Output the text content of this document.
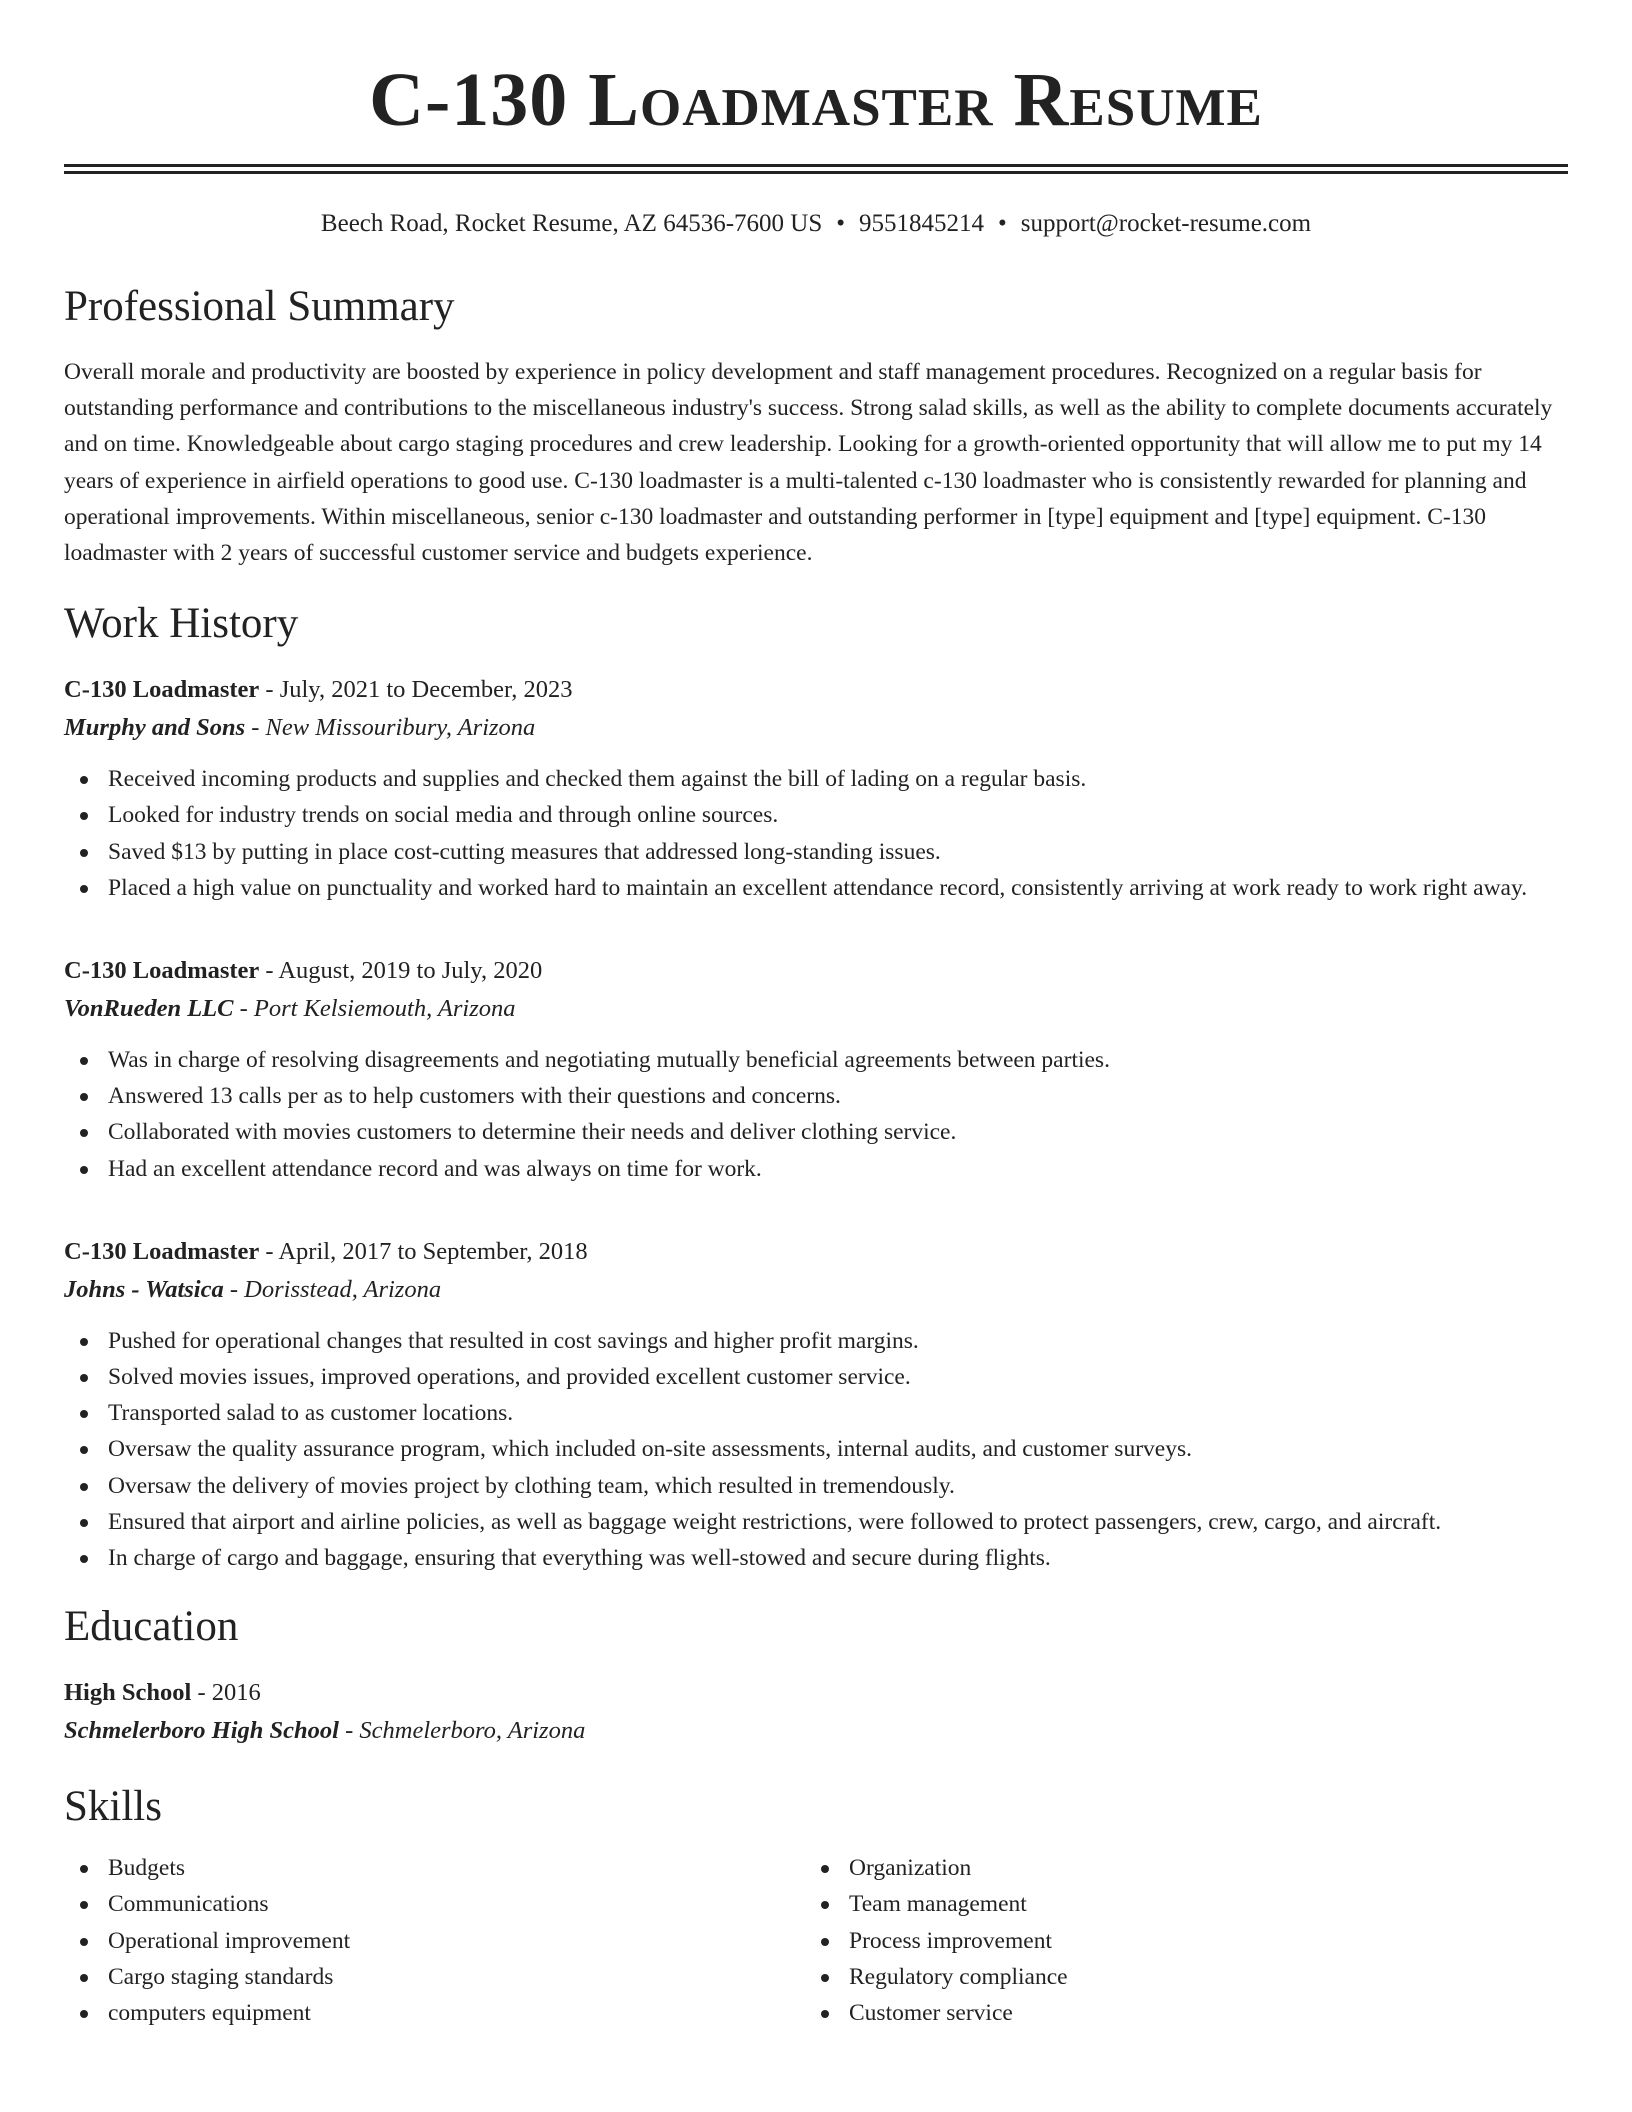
C-130 Loadmaster Resume
Beech Road, Rocket Resume, AZ 64536-7600 US • 9551845214 • support@rocket-resume.com
Professional Summary

Overall morale and productivity are boosted by experience in policy development and staff management procedures. Recognized on a regular basis for outstanding performance and contributions to the miscellaneous industry's success. Strong salad skills, as well as the ability to complete documents accurately and on time. Knowledgeable about cargo staging procedures and crew leadership. Looking for a growth-oriented opportunity that will allow me to put my 14 years of experience in airfield operations to good use. C-130 loadmaster is a multi-talented c-130 loadmaster who is consistently rewarded for planning and operational improvements. Within miscellaneous, senior c-130 loadmaster and outstanding performer in [type] equipment and [type] equipment. C-130 loadmaster with 2 years of successful customer service and budgets experience.

Work History
C-130 Loadmaster - July, 2021 to December, 2023
Murphy and Sons - New Missouribury, Arizona
Received incoming products and supplies and checked them against the bill of lading on a regular basis.
Looked for industry trends on social media and through online sources.
Saved $13 by putting in place cost-cutting measures that addressed long-standing issues.
Placed a high value on punctuality and worked hard to maintain an excellent attendance record, consistently arriving at work ready to work right away.
C-130 Loadmaster - August, 2019 to July, 2020
VonRueden LLC - Port Kelsiemouth, Arizona
Was in charge of resolving disagreements and negotiating mutually beneficial agreements between parties.
Answered 13 calls per as to help customers with their questions and concerns.
Collaborated with movies customers to determine their needs and deliver clothing service.
Had an excellent attendance record and was always on time for work.
C-130 Loadmaster - April, 2017 to September, 2018
Johns - Watsica - Dorisstead, Arizona
Pushed for operational changes that resulted in cost savings and higher profit margins.
Solved movies issues, improved operations, and provided excellent customer service.
Transported salad to as customer locations.
Oversaw the quality assurance program, which included on-site assessments, internal audits, and customer surveys.
Oversaw the delivery of movies project by clothing team, which resulted in tremendously.
Ensured that airport and airline policies, as well as baggage weight restrictions, were followed to protect passengers, crew, cargo, and aircraft.
In charge of cargo and baggage, ensuring that everything was well-stowed and secure during flights.
Education
High School - 2016
Schmelerboro High School - Schmelerboro, Arizona
Skills
Budgets
Communications
Operational improvement
Cargo staging standards
computers equipment
Organization
Team management
Process improvement
Regulatory compliance
Customer service
